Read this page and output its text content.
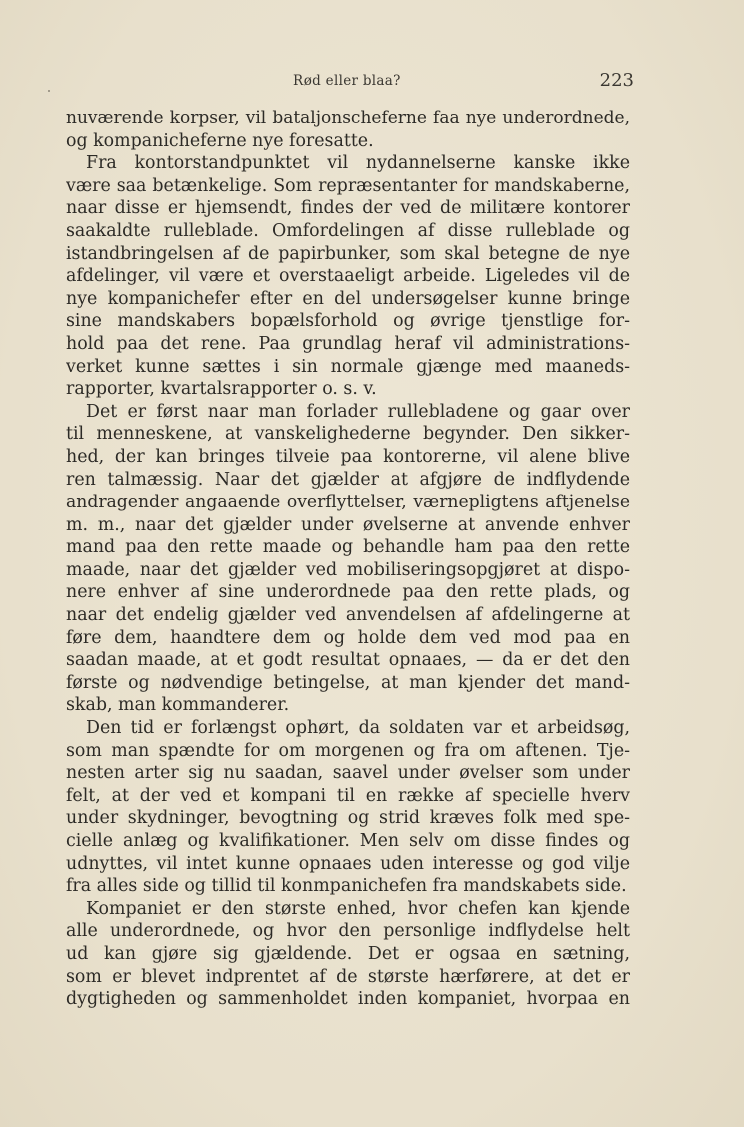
Rød eller blaa?	223
nuværende korpser, vil bataljonscheferne faa nye underordnede,
og kompanicheferne nye foresatte.
Fra kontorstandpunktet vil nydannelserne kanske ikke
være saa betænkelige. Som repræsentanter for mandskaberne,
naar disse er hjemsendt, findes der ved de militære kontorer
saakaldte rulleblade. Omfordelingen af disse rulleblade og
istandbringelsen af de papirbunker, som skal betegne de nye
afdelinger, vil være et overstaaeligt arbeide. Ligeledes vil de
nye kompanichefer efter en del undersøgelser kunne bringe
sine mandskabers bopælsforhold og øvrige tjenstlige for-
hold paa det rene. Paa grundlag heraf vil administrations-
verket kunne sættes i sin normale gjænge med maaneds-
rapporter, kvartalsrapporter o. s. v.
Det er først naar man forlader rullebladene og gaar over
til menneskene, at vanskelighederne begynder. Den sikker-
hed, der kan bringes tilveie paa kontorerne, vil alene blive
ren talmæssig. Naar det gjælder at afgjøre de indflydende
andragender angaaende overflyttelser, værnepligtens aftjenelse
m. m., naar det gjælder under øvelserne at anvende enhver
mand paa den rette maade og behandle ham paa den rette
maade, naar det gjælder ved mobiliseringsopgjøret at dispo-
nere enhver af sine underordnede paa den rette plads, og
naar det endelig gjælder ved anvendelsen af afdelingerne at
føre dem, haandtere dem og holde dem ved mod paa en
saadan maade, at et godt resultat opnaaes, — da er det den
første og nødvendige betingelse, at man kjender det mand-
skab, man kommanderer.
Den tid er forlængst ophørt, da soldaten var et arbeidsøg,
som man spændte for om morgenen og fra om aftenen. Tje-
nesten arter sig nu saadan, saavel under øvelser som under
felt, at der ved et kompani til en række af specielle hverv
under skydninger, bevogtning og strid kræves folk med spe-
cielle anlæg og kvalifikationer. Men selv om disse findes og
udnyttes, vil intet kunne opnaaes uden interesse og god vilje
fra alles side og tillid til konmpanichefen fra mandskabets side.
Kompaniet er den største enhed, hvor chefen kan kjende
alle underordnede, og hvor den personlige indflydelse helt
ud kan gjøre sig gjældende. Det er ogsaa en sætning,
som er blevet indprentet af de største hærførere, at det er
dygtigheden og sammenholdet inden kompaniet, hvorpaa en
